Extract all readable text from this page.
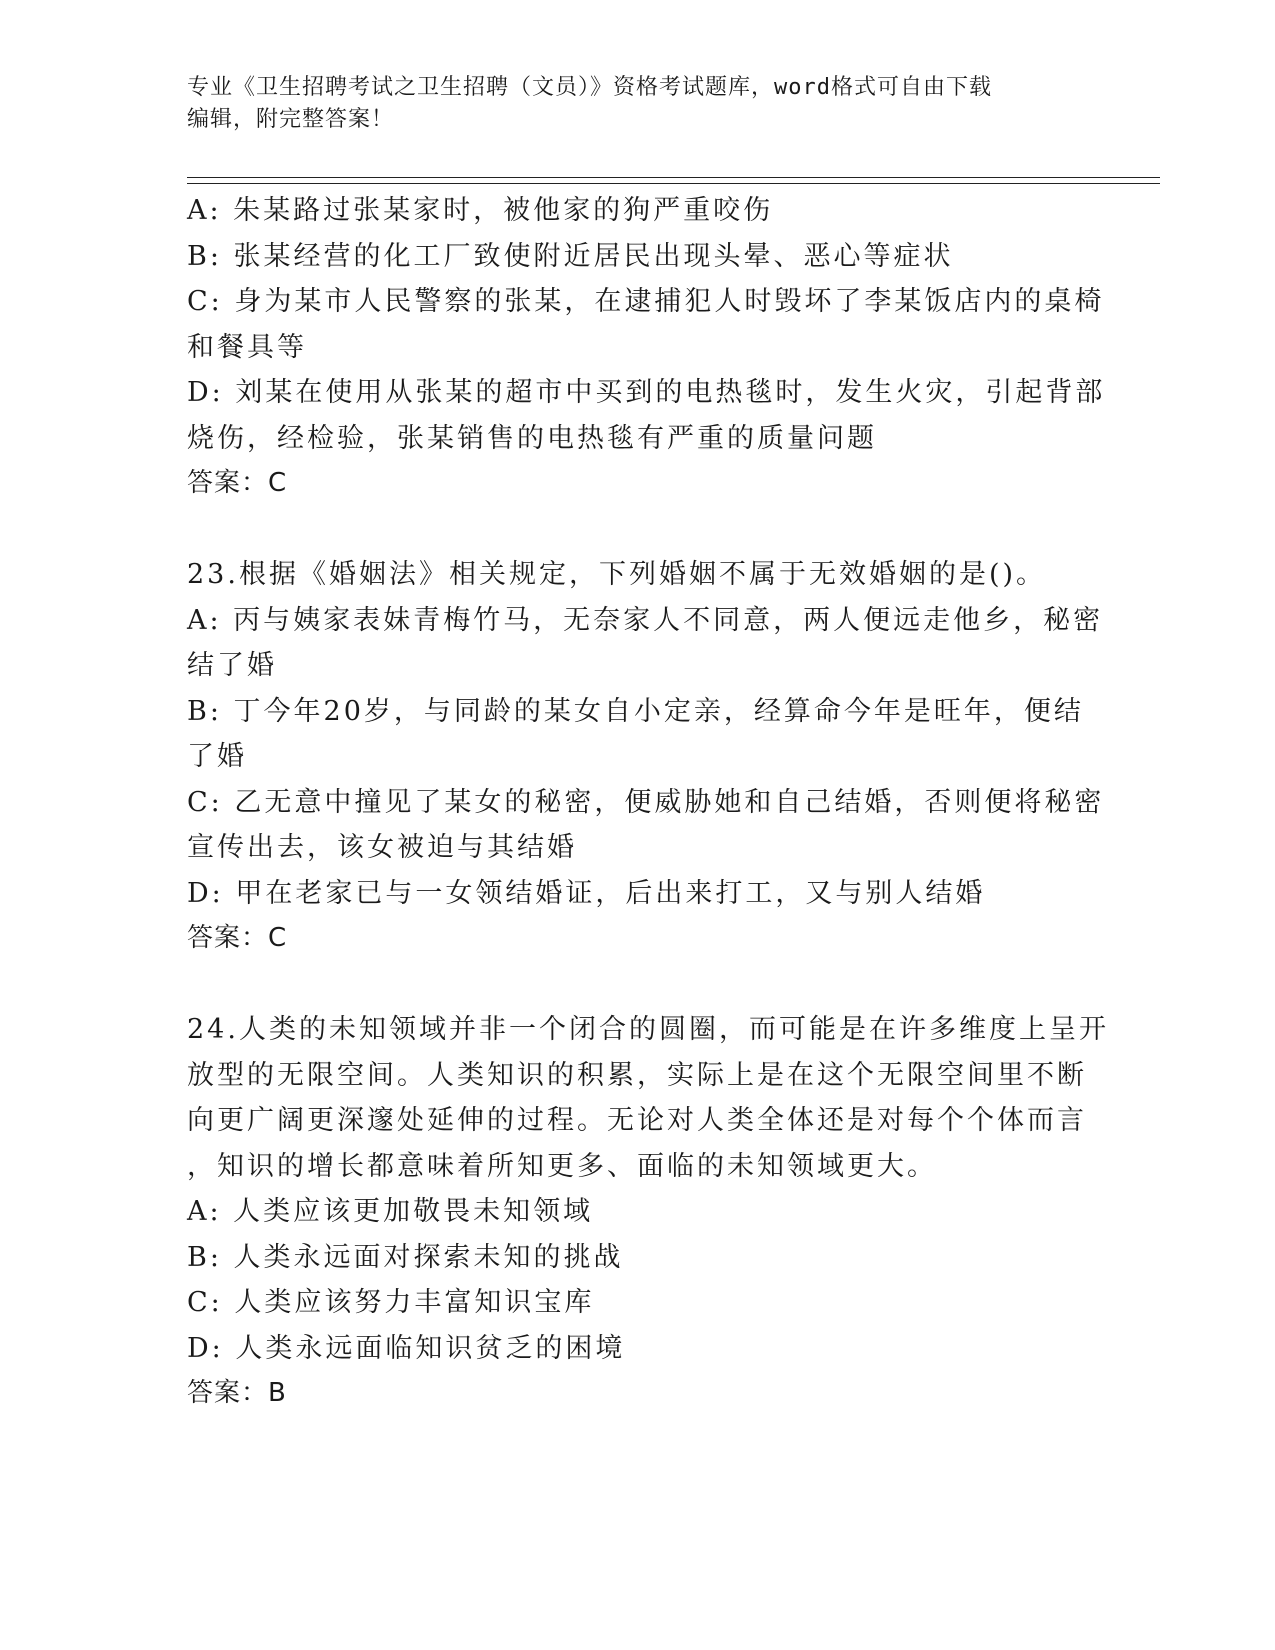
专业《卫生招聘考试之卫生招聘（文员）》资格考试题库，word格式可自由下载
编辑，附完整答案！
A: 朱某路过张某家时，被他家的狗严重咬伤
B: 张某经营的化工厂致使附近居民出现头晕、恶心等症状
C: 身为某市人民警察的张某，在逮捕犯人时毁坏了李某饭店内的桌椅
和餐具等
D: 刘某在使用从张某的超市中买到的电热毯时，发生火灾，引起背部
烧伤，经检验，张某销售的电热毯有严重的质量问题
答案：C
23.根据《婚姻法》相关规定，下列婚姻不属于无效婚姻的是()。
A: 丙与姨家表妹青梅竹马，无奈家人不同意，两人便远走他乡，秘密
结了婚
B: 丁今年20岁，与同龄的某女自小定亲，经算命今年是旺年，便结
了婚
C: 乙无意中撞见了某女的秘密，便威胁她和自己结婚，否则便将秘密
宣传出去，该女被迫与其结婚
D: 甲在老家已与一女领结婚证，后出来打工，又与别人结婚
答案：C
24.人类的未知领域并非一个闭合的圆圈，而可能是在许多维度上呈开
放型的无限空间。人类知识的积累，实际上是在这个无限空间里不断
向更广阔更深邃处延伸的过程。无论对人类全体还是对每个个体而言
，知识的增长都意味着所知更多、面临的未知领域更大。
A: 人类应该更加敬畏未知领域
B: 人类永远面对探索未知的挑战
C: 人类应该努力丰富知识宝库
D: 人类永远面临知识贫乏的困境
答案：B
